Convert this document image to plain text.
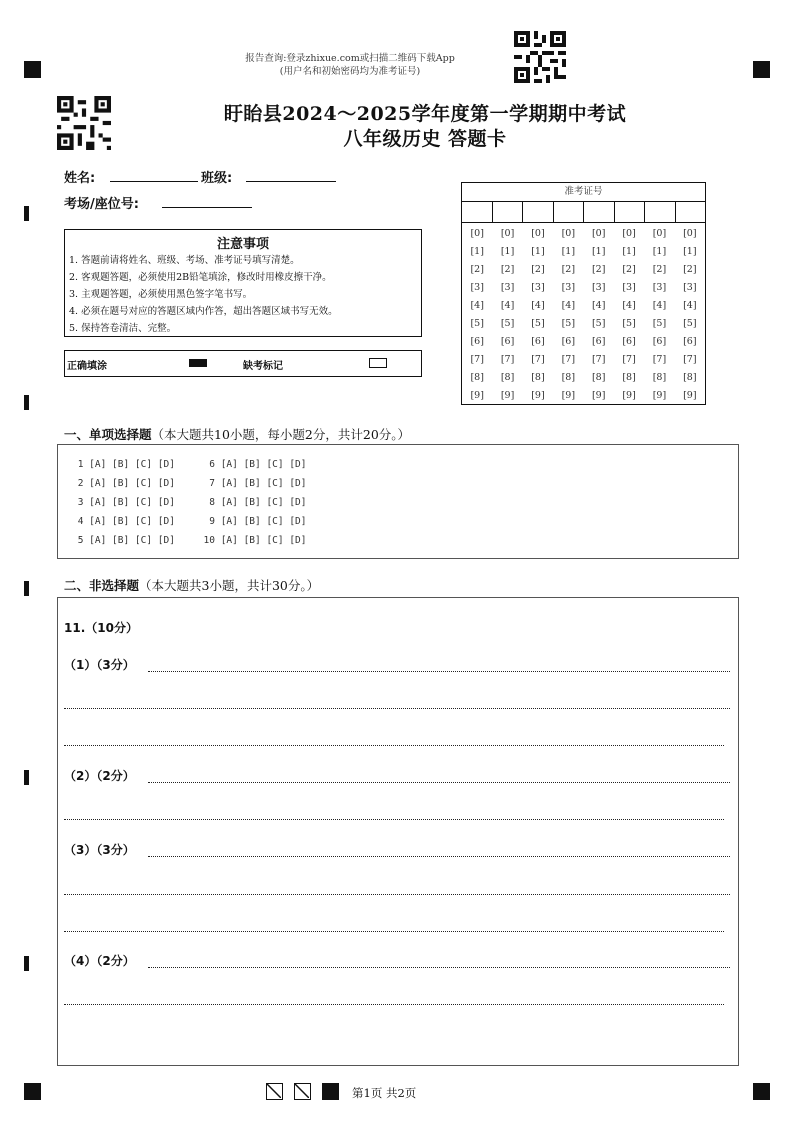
报告查询:登录zhixue.com或扫描二维码下载App
(用户名和初始密码均为准考证号)
盱眙县2024～2025学年度第一学期期中考试
八年级历史 答题卡
姓名:	班级:
考场/座位号:
注意事项
1. 答题前请将姓名、班级、考场、准考证号填写清楚。
2. 客观题答题，必须使用2B铅笔填涂，修改时用橡皮擦干净。
3. 主观题答题，必须使用黑色签字笔书写。
4. 必须在题号对应的答题区域内作答，超出答题区域书写无效。
5. 保持答卷清洁、完整。
正确填涂	缺考标记
准考证号
[0]
[1]
[2]
[3]
[4]
[5]
[6]
[7]
[8]
[9]
[0]
[1]
[2]
[3]
[4]
[5]
[6]
[7]
[8]
[9]
[0]
[1]
[2]
[3]
[4]
[5]
[6]
[7]
[8]
[9]
[0]
[1]
[2]
[3]
[4]
[5]
[6]
[7]
[8]
[9]
[0]
[1]
[2]
[3]
[4]
[5]
[6]
[7]
[8]
[9]
[0]
[1]
[2]
[3]
[4]
[5]
[6]
[7]
[8]
[9]
[0]
[1]
[2]
[3]
[4]
[5]
[6]
[7]
[8]
[9]
[0]
[1]
[2]
[3]
[4]
[5]
[6]
[7]
[8]
[9]
一、单项选择题（本大题共10小题，每小题2分，共计20分。）
1 [A] [B] [C] [D]      6 [A] [B] [C] [D]
2 [A] [B] [C] [D]      7 [A] [B] [C] [D]
3 [A] [B] [C] [D]      8 [A] [B] [C] [D]
4 [A] [B] [C] [D]      9 [A] [B] [C] [D]
5 [A] [B] [C] [D]     10 [A] [B] [C] [D]
二、非选择题（本大题共3小题，共计30分。）
11.（10分）
（1）（3分）
（2）（2分）
（3）（3分）
（4）（2分）
第1页 共2页
